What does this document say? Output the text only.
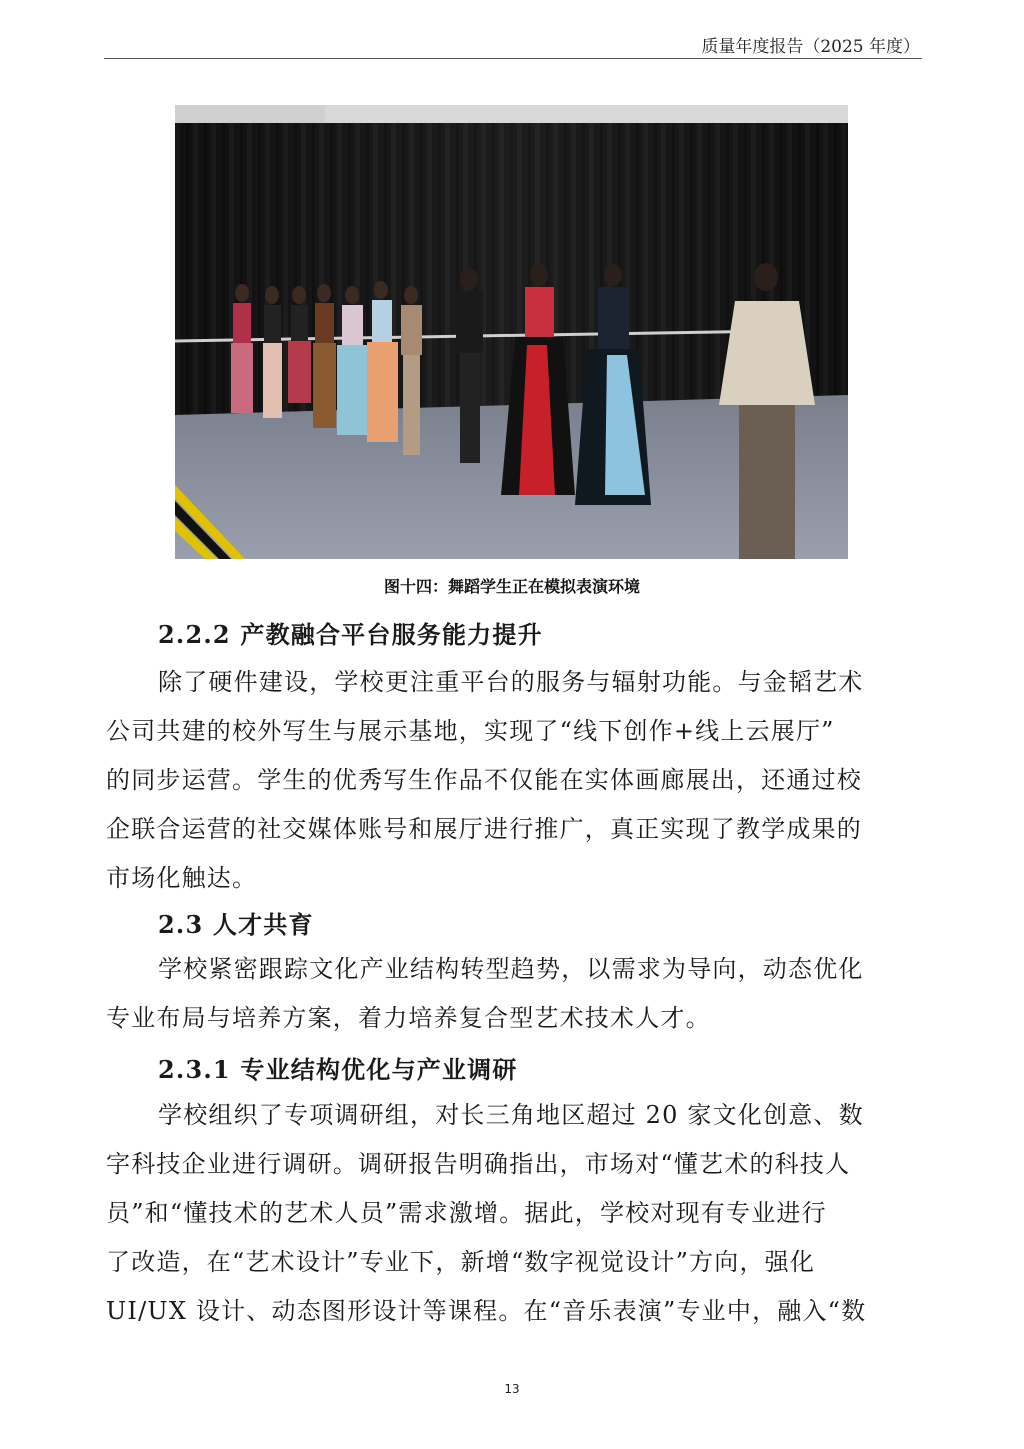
质量年度报告（2025 年度）
图十四：舞蹈学生正在模拟表演环境
2.2.2 产教融合平台服务能力提升

除了硬件建设，学校更注重平台的服务与辐射功能。与金韬艺术
公司共建的校外写生与展示基地，实现了“线下创作+线上云展厅”
的同步运营。学生的优秀写生作品不仅能在实体画廊展出，还通过校
企联合运营的社交媒体账号和展厅进行推广，真正实现了教学成果的
市场化触达。

2.3 人才共育

学校紧密跟踪文化产业结构转型趋势，以需求为导向，动态优化
专业布局与培养方案，着力培养复合型艺术技术人才。

2.3.1 专业结构优化与产业调研

学校组织了专项调研组，对长三角地区超过 20 家文化创意、数
字科技企业进行调研。调研报告明确指出，市场对“懂艺术的科技人
员”和“懂技术的艺术人员”需求激增。据此，学校对现有专业进行
了改造，在“艺术设计”专业下，新增“数字视觉设计”方向，强化
UI/UX 设计、动态图形设计等课程。在“音乐表演”专业中，融入“数

13
